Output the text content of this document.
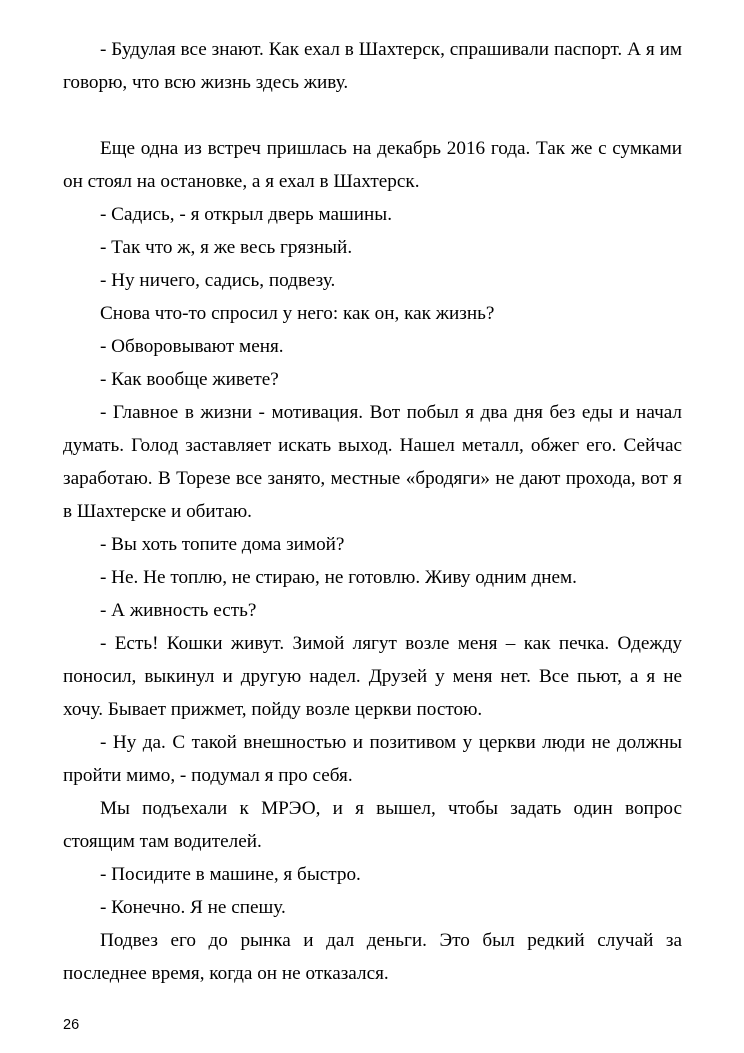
- Будулая все знают. Как ехал в Шахтерск, спрашивали паспорт. А я им говорю, что всю жизнь здесь живу.

Еще одна из встреч пришлась на декабрь 2016 года. Так же с сумками он стоял на остановке, а я ехал в Шахтерск.

- Садись, - я открыл дверь машины.

- Так что ж, я же весь грязный.

- Ну ничего, садись, подвезу.

Снова что-то спросил у него: как он, как жизнь?

- Обворовывают меня.

- Как вообще живете?

- Главное в жизни - мотивация. Вот побыл я два дня без еды и начал думать. Голод заставляет искать выход. Нашел металл, обжег его. Сейчас заработаю. В Торезе все занято, местные «бродяги» не дают прохода, вот я в Шахтерске и обитаю.

- Вы хоть топите дома зимой?

- Не. Не топлю, не стираю, не готовлю. Живу одним днем.

- А живность есть?

- Есть! Кошки живут. Зимой лягут возле меня – как печка. Одежду поносил, выкинул и другую надел. Друзей у меня нет. Все пьют, а я не хочу. Бывает прижмет, пойду возле церкви постою.

- Ну да. С такой внешностью и позитивом у церкви люди не должны пройти мимо, - подумал я про себя.

Мы подъехали к МРЭО, и я вышел, чтобы задать один вопрос стоящим там водителей.

- Посидите в машине, я быстро.

- Конечно. Я не спешу.

Подвез его до рынка и дал деньги. Это был редкий случай за последнее время, когда он не отказался.

26
